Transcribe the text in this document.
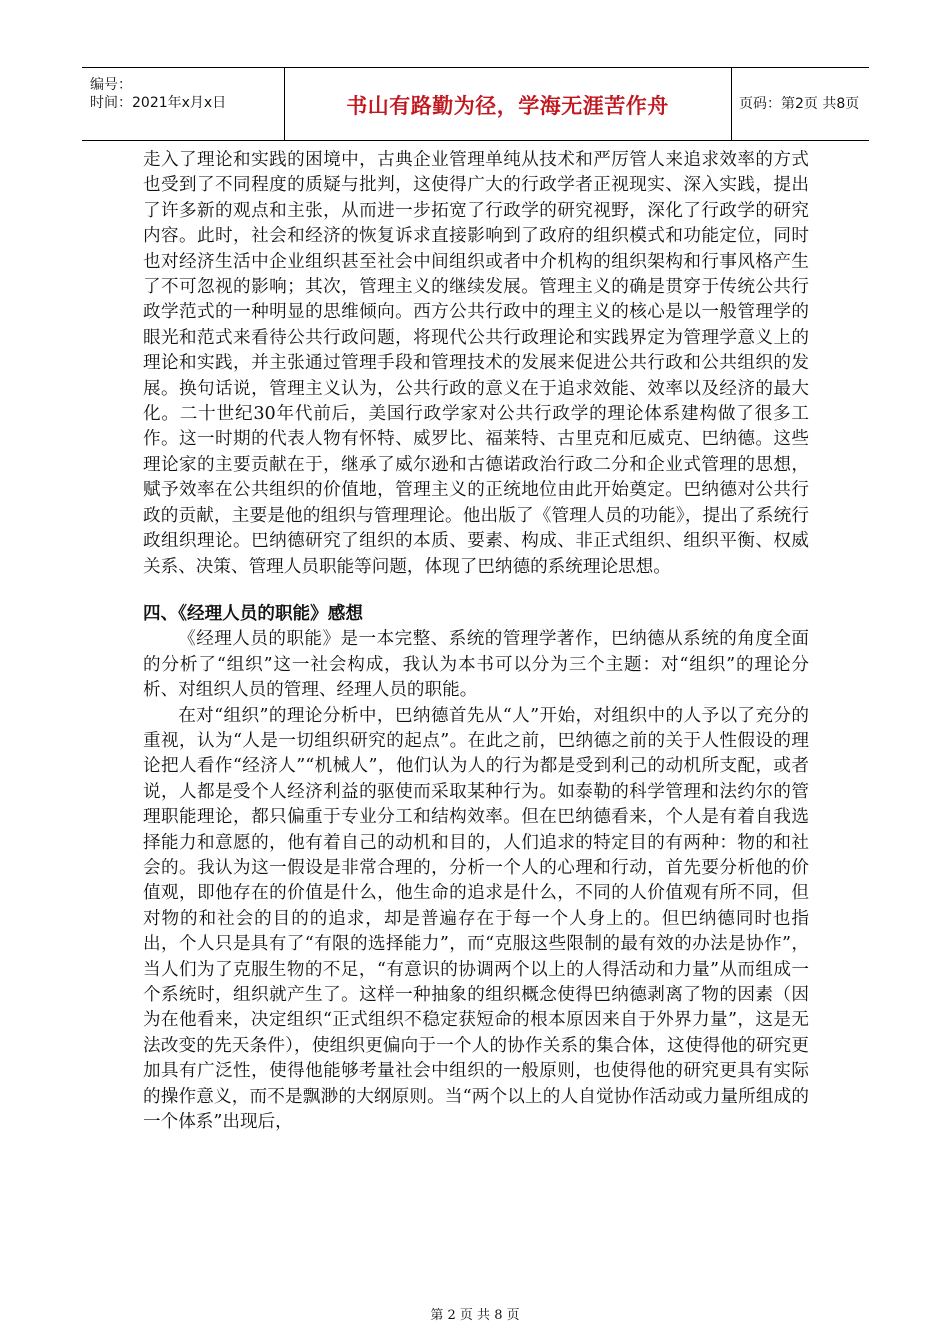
编号：
时间：2021年x月x日	书山有路勤为径，学海无涯苦作舟	页码：第2页 共8页

走入了理论和实践的困境中，古典企业管理单纯从技术和严厉管人来追求效率的方式也受到了不同程度的质疑与批判，这使得广大的行政学者正视现实、深入实践，提出了许多新的观点和主张，从而进一步拓宽了行政学的研究视野，深化了行政学的研究内容。此时，社会和经济的恢复诉求直接影响到了政府的组织模式和功能定位，同时也对经济生活中企业组织甚至社会中间组织或者中介机构的组织架构和行事风格产生了不可忽视的影响；其次，管理主义的继续发展。管理主义的确是贯穿于传统公共行政学范式的一种明显的思维倾向。西方公共行政中的理主义的核心是以一般管理学的眼光和范式来看待公共行政问题，将现代公共行政理论和实践界定为管理学意义上的理论和实践，并主张通过管理手段和管理技术的发展来促进公共行政和公共组织的发展。换句话说，管理主义认为，公共行政的意义在于追求效能、效率以及经济的最大化。二十世纪30年代前后，美国行政学家对公共行政学的理论体系建构做了很多工作。这一时期的代表人物有怀特、威罗比、福莱特、古里克和厄威克、巴纳德。这些理论家的主要贡献在于，继承了威尔逊和古德诺政治行政二分和企业式管理的思想，赋予效率在公共组织的价值地，管理主义的正统地位由此开始奠定。巴纳德对公共行政的贡献，主要是他的组织与管理理论。他出版了《管理人员的功能》，提出了系统行政组织理论。巴纳德研究了组织的本质、要素、构成、非正式组织、组织平衡、权威关系、决策、管理人员职能等问题，体现了巴纳德的系统理论思想。

四、《经理人员的职能》感想

《经理人员的职能》是一本完整、系统的管理学著作，巴纳德从系统的角度全面的分析了“组织”这一社会构成，我认为本书可以分为三个主题：对“组织”的理论分析、对组织人员的管理、经理人员的职能。

在对“组织”的理论分析中，巴纳德首先从“人”开始，对组织中的人予以了充分的重视，认为“人是一切组织研究的起点”。在此之前，巴纳德之前的关于人性假设的理论把人看作“经济人”“机械人”，他们认为人的行为都是受到利己的动机所支配，或者说，人都是受个人经济利益的驱使而采取某种行为。如泰勒的科学管理和法约尔的管理职能理论，都只偏重于专业分工和结构效率。但在巴纳德看来，个人是有着自我选择能力和意愿的，他有着自己的动机和目的，人们追求的特定目的有两种：物的和社会的。我认为这一假设是非常合理的，分析一个人的心理和行动，首先要分析他的价值观，即他存在的价值是什么，他生命的追求是什么，不同的人价值观有所不同，但对物的和社会的目的的追求，却是普遍存在于每一个人身上的。但巴纳德同时也指出，个人只是具有了“有限的选择能力”，而“克服这些限制的最有效的办法是协作”，当人们为了克服生物的不足，“有意识的协调两个以上的人得活动和力量”从而组成一个系统时，组织就产生了。这样一种抽象的组织概念使得巴纳德剥离了物的因素（因为在他看来，决定组织“正式组织不稳定获短命的根本原因来自于外界力量”，这是无法改变的先天条件），使组织更偏向于一个人的协作关系的集合体，这使得他的研究更加具有广泛性，使得他能够考量社会中组织的一般原则，也使得他的研究更具有实际的操作意义，而不是飘渺的大纲原则。当“两个以上的人自觉协作活动或力量所组成的一个体系”出现后，

第 2 页 共 8 页
